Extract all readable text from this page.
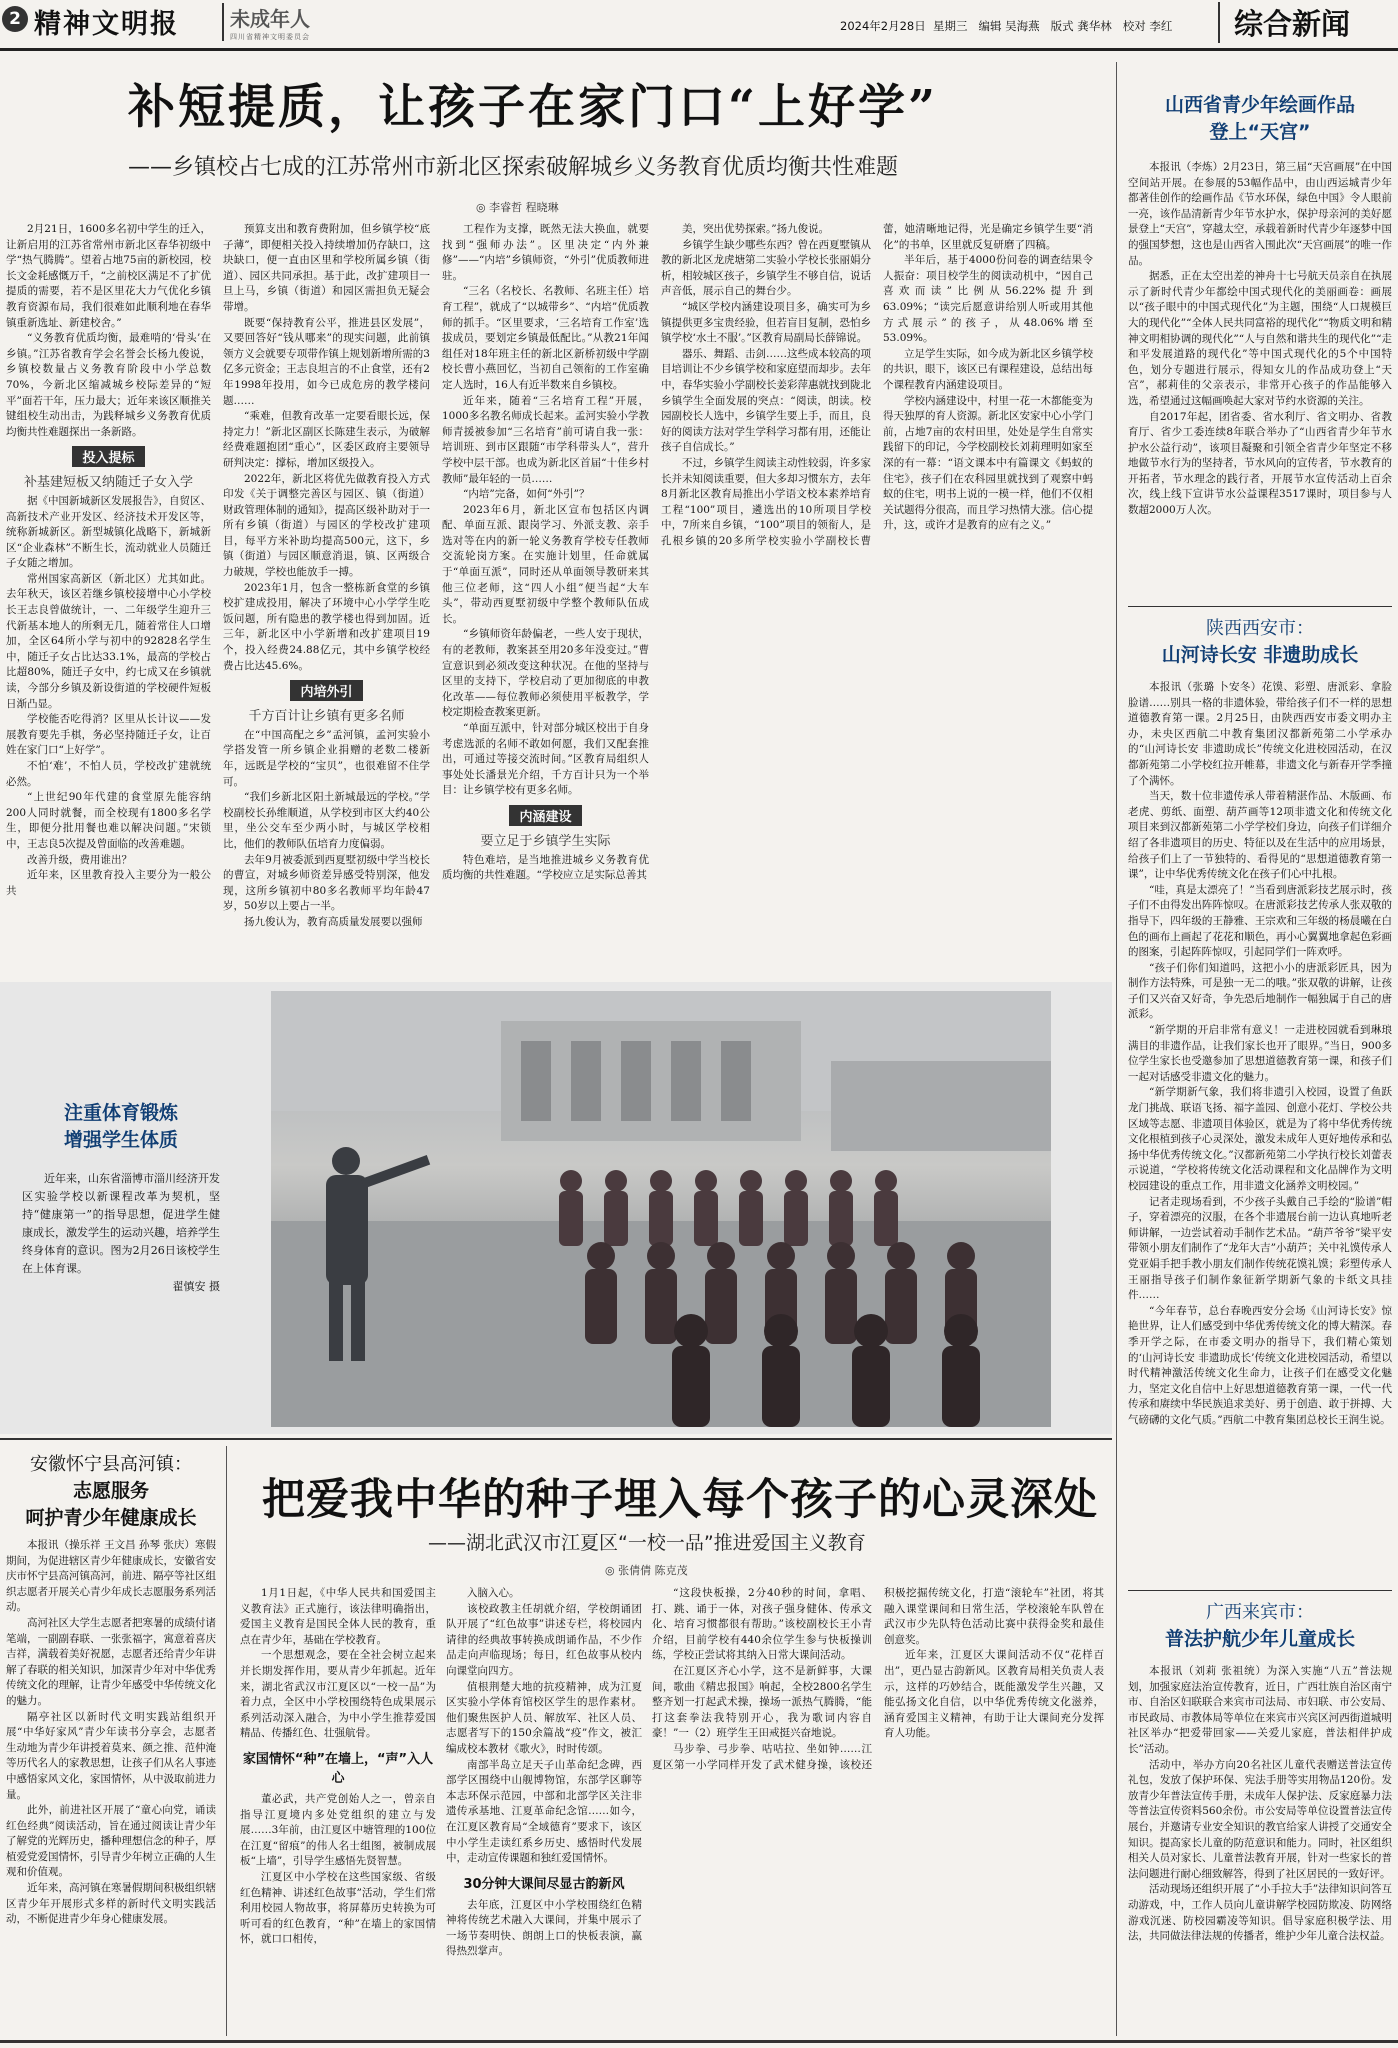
2 精神文明报	未成年人
四川省精神文明委员会
2024年2月28日 星期三 编辑 吴海燕 版式 龚华林 校对 李红	综合新闻
补短提质，让孩子在家门口“上好学”
——乡镇校占七成的江苏常州市新北区探索破解城乡义务教育优质均衡共性难题
◎ 李睿哲 程晓琳

2月21日，1600多名初中学生的迁入，让新启用的江苏省常州市新北区春华初级中学“热气腾腾”。望着占地75亩的新校园，校长文金耗感慨万千，“之前校区满足不了扩优提质的需要，若不是区里花大力气优化乡镇教育资源布局，我们很难如此顺利地在春华镇重新选址、新建校舍。”

“义务教育优质均衡，最难啃的‘骨头’在乡镇。”江苏省教育学会名誉会长杨九俊说，乡镇校数量占义务教育阶段中小学总数70%，今新北区缩减城乡校际差异的“短平”面若干年，压力最大；近年来该区顺推关键组校生动出击，为践释城乡义务教育优质均衡共性难题探出一条新路。

投入提标
补基建短板又纳随迁子女入学

据《中国新城新区发展报告》，自贸区、高新技术产业开发区、经济技术开发区等，统称新城新区。新型城镇化战略下，新城新区“企业森林”不断生长，流动就业人员随迁子女随之增加。

常州国家高新区（新北区）尤其如此。去年秋天，该区若继乡镇校接增中心小学校长王志良曾做统计，一、二年级学生迎升三代新基本地人的所剩无几，随着常住人口增加，全区64所小学与初中的92828名学生中，随迁子女占比达33.1%，最高的学校占比超80%，随迁子女中，约七成又在乡镇就读，今部分乡镇及新设街道的学校硬件短板日渐凸显。

学校能否吃得消？区里从长计议——发展教育要先手棋，务必坚持随迁子女，让百姓在家门口“上好学”。

不怕‘难’，不怕人员，学校改扩建就统必然。

“上世纪90年代建的食堂原先能容纳200人同时就餐，而全校现有1800多名学生，即便分批用餐也难以解决问题。”宋锁中，王志良5次提及曾面临的改善难题。

改善升级，费用谁出？

近年来，区里教育投入主要分为一般公共

预算支出和教育费附加，但乡镇学校“底子薄”，即便相关投入持续增加仍存缺口，这块缺口，便一直由区里和学校所属乡镇（街道）、园区共同承担。基于此，改扩建项目一旦上马，乡镇（街道）和园区需担负无疑会带增。

既要“保持教育公平，推进县区发展”，又要回答好“钱从哪来”的现实问题，此前镇领方义会就要专项带作镇上规划新增所需的3亿多元资金；王志良坦言的不止食堂，还有2年1998年投用，如今已成危房的教学楼问题……

“乘难，但教育改革一定要看眼长远，保持定力！”新北区副区长陈建生表示，为破解经费难题抱团“重心”，区委区政府主要领导研判决定：撑标，增加区级投入。

2022年，新北区将优先做教育投入方式印发《关于调整完善区与园区、镇（街道）财政管理体制的通知》，提高区级补助对于一所有乡镇（街道）与园区的学校改扩建项目，每平方米补助均提高500元，这下，乡镇（街道）与园区顺意消退，镇、区两级合力破规，学校也能放手一搏。

2023年1月，包含一整栋新食堂的乡镇校扩建成投用，解决了环境中心小学学生吃饭问题，所有隐患的教学楼也得到加固。近三年，新北区中小学新增和改扩建项目19个，投入经费24.88亿元，其中乡镇学校经费占比达45.6%。

内培外引
千方百计让乡镇有更多名师

在“中国高配之乡”孟河镇，孟河实验小学搭发管一所乡镇企业捐赠的老数二楼新年，远既是学校的“宝贝”，也很难留不住学可。

“我们乡新北区阳土新城最远的学校。”学校副校长孙维顺道，从学校到市区大约40公里，坐公交车至少两小时，与城区学校相比，他们的教师队伍培育力度偏弱。

去年9月被委派到西夏墅初级中学当校长的曹宣，对城乡师资差异感受特别深，他发现，这所乡镇初中80多名教师平均年龄47岁，50岁以上要占一半。

扬九俊认为，教育高质量发展要以强师

工程作为支撑，既然无法大换血，就要找到“强师办法”。区里决定“内外兼修”——“内培”乡镇师资，“外引”优质教师进驻。

“三名（名校长、名教师、名班主任）培育工程”，就成了“以城带乡”、“内培”优质教师的抓手。“区里要求，‘三名培育工作室’选拔成员，要划定乡镇最低配比。”从教21年闻组任对18年班主任的新北区新桥初级中学副校长曹小燕回忆，当初自己领衔的工作室确定人选时，16人有近半数来自乡镇校。

近年来，随着“三名培育工程”开展，1000多名教名师成长起来。孟河实验小学教师青援被参加“三名培育”前可请自我一张：培训班、到市区跟随“市学科带头人”，营升学校中层干部。也成为新北区首届“十佳乡村教师”最年轻的一员……

“内培”完备，如何“外引”？

2023年6月，新北区宣布包括区内调配、单面互派、跟岗学习、外派支教、亲手选对等在内的新一轮义务教育学校专任教师交流轮岗方案。在实施计划里，任命就属于“单面互派”，同时还从单面领导教研来其他三位老师，这“四人小组”便当起“大车头”，带动西夏墅初级中学整个教师队伍成长。

“乡镇师资年龄偏老，一些人安于现状，有的老教师，教案甚至用20多年没变过。”曹宣意识到必须改变这种状况。在他的坚持与区里的支持下，学校启动了更加彻底的申教化改革——每位教师必须使用平板教学，学校定期检查教案更新。

“单面互派中，针对部分城区校出于自身考虑选派的名师不敢如何愿，我们又配套推出，可通过等接交流时间。”区教育局组织人事处处长潘景光介绍，千方百计只为一个举目：让乡镇学校有更多名师。

内涵建设
要立足于乡镇学生实际

特色难培，是当地推进城乡义务教育优质均衡的共性难题。“学校应立足实际总善其

美，突出优势探索。”扬九俊说。

乡镇学生缺少哪些东西？曾在西夏墅镇从教的新北区龙虎塘第二实验小学校长张丽娟分析，相较城区孩子，乡镇学生不够自信，说话声音低，展示自己的舞台少。

“城区学校内涵建设项目多，确实可为乡镇提供更多宝贵经验，但若盲目复制，恐怕乡镇学校‘水土不服’。”区教育局副局长薛锦说。

器乐、舞蹈、击剑……这些成本较高的项目培训让不少乡镇学校和家庭望而却步。去年中，春华实验小学副校长姜彩萍惠就找到陇北乡镇学生全面发展的突点：“阅读，朗读。校园副校长人选中，乡镇学生要上手，而且，良好的阅读方法对学生学科学习都有用，还能让孩子自信成长。”

不过，乡镇学生阅读主动性较弱，许多家长并未知阅读重要，但大多却习惯东方，去年8月新北区教育局推出小学语文校本素养培育工程“100”项目，遴选出的10所项目学校中，7所来自乡镇，“100”项目的领衔人，是孔根乡镇的20多所学校实验小学副校长曹蕾，她清晰地记得，光是确定乡镇学生要“消化”的书单，区里就反复研磨了四稿。

半年后，基于4000份问卷的调查结果令人振奋：项目校学生的阅读动机中，“因自己喜欢而读”比例从56.22%提升到63.09%；“读完后愿意讲给别人听或用其他方式展示”的孩子，从48.06%增至53.09%。

立足学生实际，如今成为新北区乡镇学校的共识，眼下，该区已有课程建设，总结出每个课程教育内涵建设项目。

学校内涵建设中，村里一花一木都能变为得天独厚的育人资源。新北区安家中心小学门前，占地7亩的农村田里，处处是学生自常实践留下的印记，今学校副校长刘莉理明如家至深的有一幕：“语文课本中有篇课文《蚂蚁的住宅》，孩子们在农科园里就找到了观察中蚂蚁的住宅，明书上说的一模一样，他们不仅相关试题得分很高，而且学习热情大涨。信心提升，这，或许才是教育的应有之义。”

山西省青少年绘画作品
登上“天宫”

本报讯（李炼）2月23日，第三届“天宫画展”在中国空间站开展。在参展的53幅作品中，由山西运城青少年都著佳创作的绘画作品《节水环保，绿色中国》令人眼前一亮，该作品清新青少年节水护水，保护母亲河的美好愿景登上“天宫”，穿越太空，承载着新时代青少年逐梦中国的强国梦想，这也是山西省入围此次“天宫画展”的唯一作品。

据悉，正在太空出差的神舟十七号航天员亲自在执展示了新时代青少年都绘中国式现代化的美丽画卷：画展以“孩子眼中的中国式现代化”为主题，围绕“人口规模巨大的现代化”“全体人民共同富裕的现代化”“物质文明和精神文明相协调的现代化”“人与自然和谐共生的现代化”“走和平发展道路的现代化”等中国式现代化的5个中国特色，划分专题进行展示，得知女儿的作品成功登上“天宫”，郝莉佳的父亲表示，非常开心孩子的作品能够入选，希望通过这幅画唤起大家对节约水资源的关注。

自2017年起，团省委、省水利厅、省文明办、省教育厅、省少工委连续8年联合举办了“山西省青少年节水护水公益行动”，该项目凝聚和引领全省青少年坚定不移地做节水行为的坚持者，节水风向的宣传者，节水教育的开拓者，节水理念的践行者，开展节水宣传活动上百余次，线上线下宣讲节水公益课程3517课时，项目参与人数超2000万人次。

陕西西安市：
山河诗长安 非遗助成长

本报讯（张璐 卜安冬）花馍、彩塑、唐派彩、拿脸脸谱……别具一格的非遗体验，带给孩子们不一样的思想道德教育第一课。2月25日，由陕西西安市委文明办主办，未央区西航二中教育集团汉都新苑第二小学承办的“山河诗长安 非遗助成长”传统文化进校园活动，在汉都新苑第二小学校红拉开帷幕，非遗文化与新春开学季撞了个满怀。

当天，数十位非遗传承人带着精湛作品、木版画、布老虎、剪纸、面塑、葫芦画等12项非遗文化和传统文化项目来到汉都新苑第二小学学校们身边，向孩子们详细介绍了各非遗项目的历史、特征以及在生活中的应用场景，给孩子们上了一节独特的、看得见的“思想道德教育第一课”，让中华优秀传统文化在孩子们心中扎根。

“哇，真是太漂亮了！”当看到唐派彩技艺展示时，孩子们不由得发出阵阵惊叹。在唐派彩技艺传承人张双敬的指导下，四年级的王静雅、王宗欢和三年级的杨晨曦在白色的画布上画起了花花和顺色，再小心翼翼地拿起色彩画的图案，引起阵阵惊叹，引起同学们一阵欢呼。

“孩子们你们知道吗，这把小小的唐派彩匠具，因为制作方法特殊，可是独一无二的哦。”张双敬的讲解，让孩子们又兴奋又好奇，争先恐后地制作一幅独属于自己的唐派彩。

“新学期的开启非常有意义！一走进校园就看到琳琅满目的非遗作品，让我们家长也开了眼界。”当日，900多位学生家长也受邀参加了思想道德教育第一课，和孩子们一起对话感受非遗文化的魅力。

“新学期新气象，我们将非遗引入校园，设置了鱼跃龙门挑战、联语飞扬、福字盖园、创意小花灯、学校公共区域等志愿、非遗项目体验区，就是为了将中华优秀传统文化根植到孩子心灵深处，激发未成年人更好地传承和弘扬中华优秀传统文化。”汉都新苑第二小学执行校长刘蕾表示说道，“学校将传统文化活动课程和文化品牌作为文明校园建设的重点工作，用非遗文化涵养文明校园。”

记者走现场看到，不少孩子头戴自己手绘的“脸谱”帽子，穿着漂亮的汉服，在各个非遗展台前一边认真地听老师讲解，一边尝试着动手制作艺术品。“葫芦爷爷”梁平安带领小朋友们制作了“龙年大吉”小葫芦；关中礼馍传承人党亚娟手把手教小朋友们制作传统花馍礼馍；彩塑传承人王丽指导孩子们制作象征新学期新气象的卡纸文具挂件……

“今年春节，总台春晚西安分会场《山河诗长安》惊艳世界，让人们感受到中华优秀传统文化的博大精深。春季开学之际，在市委文明办的指导下，我们精心策划的‘山河诗长安 非遗助成长’传统文化进校园活动，希望以时代精神激活传统文化生命力，让孩子们在感受文化魅力，坚定文化自信中上好思想道德教育第一课，一代一代传承和赓续中华民族追求美好、勇于创造、敢于拼搏、大气磅礴的文化气质。”西航二中教育集团总校长王润生说。

广西来宾市：
普法护航少年儿童成长

本报讯（刘莉 张祖统）为深入实施“八五”普法规划，加强家庭法治宣传教育，近日，广西壮族自治区南宁市、自治区妇联联合来宾市司法局、市妇联、市公安局、市民政局、市教体局等单位在来宾市兴宾区河西街道城明社区举办“把爱带回家——关爱儿家庭，普法相伴护成长”活动。

活动中，举办方向20名社区儿童代表赠送普法宣传礼包，发放了保护环保、宪法手册等实用物品120份。发放青少年普法宣传手册，未成年人保护法、反家庭暴力法等普法宣传资料560余份。市公安局等单位设置普法宣传展台，并邀请专业安全知识的教官给家人讲授了交通安全知识。提高家长儿童的防范意识和能力。同时，社区组织相关人员对家长、儿童普法教育开展，针对一些家长的普法问题进行耐心细致解答，得到了社区居民的一致好评。

活动现场还组织开展了“小手拉大手”法律知识问答互动游戏，中，工作人员向儿童讲解学校园防欺凌、防网络游戏沉迷、防校园霸凌等知识。倡导家庭积极学法、用法，共同做法律法规的传播者，维护少年儿童合法权益。

注重体育锻炼
增强学生体质

近年来，山东省淄博市淄川经济开发区实验学校以新课程改革为契机，坚持“健康第一”的指导思想，促进学生健康成长，激发学生的运动兴趣，培养学生终身体育的意识。图为2月26日该校学生在上体育课。

翟慎安 摄
安徽怀宁县高河镇：
志愿服务
呵护青少年健康成长

本报讯（操乐祥 王文昌 孙琴 张庆）寒假期间，为促进辖区青少年健康成长，安徽省安庆市怀宁县高河镇高河，前进、隔亭等社区组织志愿者开展关心青少年成长志愿服务系列活动。

高河社区大学生志愿者把寒暑的成绩付诸笔端，一副副春联、一张张福字，寓意着喜庆吉祥，满载着美好祝愿，志愿者还给青少年讲解了春联的相关知识，加深青少年对中华优秀传统文化的理解，让青少年感受中华传统文化的魅力。

隔亭社区以新时代文明实践站组织开展“中华好家风”青少年读书分享会，志愿者生动地为青少年讲授着莫来、颜之推、范仲淹等历代名人的家教思想，让孩子们从名人事迹中感悟家风文化，家国情怀，从中汲取前进力量。

此外，前进社区开展了“童心向党，诵读红色经典”阅读活动，旨在通过阅读让青少年了解党的光辉历史，播种理想信念的种子，厚植爱党爱国情怀，引导青少年树立正确的人生观和价值观。

近年来，高河镇在寒暑假期间积极组织辖区青少年开展形式多样的新时代文明实践活动，不断促进青少年身心健康发展。

把爱我中华的种子埋入每个孩子的心灵深处
——湖北武汉市江夏区“一校一品”推进爱国主义教育
◎ 张倩倩 陈克茂

1月1日起，《中华人民共和国爱国主义教育法》正式施行，该法律明确指出，爱国主义教育是国民全体人民的教育，重点在青少年，基础在学校教育。

一个思想观念，要在全社会树立起来并长期发挥作用，要从青少年抓起。近年来，湖北省武汉市江夏区以“一校一品”为着力点，全区中小学校围绕特色成果展示系列活动深入融合，为中小学生推荐爱国精品、传播红色、壮强航骨。

家国情怀“种”在墙上，“声”入人心

董必武，共产党创始人之一，曾亲自指导江夏境内多处党组织的建立与发展……3年前，由江夏区中塘管理的100位在江夏“留痕”的伟人名士组图，被制成展板“上墙”，引导学生感悟先贤智慧。

江夏区中小学校在这些国家级、省级红色精神、讲述红色故事”活动，学生们常利用校园人物故事，将屏幕历史转换为可听可看的红色教育，“种”在墙上的家国情怀，就口口相传，

入脑入心。

该校政教主任胡就介绍，学校朗诵团队开展了“红色故事”讲述专栏，将校园内请律的经典故事转换成朗诵作品，不少作品走向声临现场；每日，红色故事从校内向课堂向四方。

值根荆楚大地的抗疫精神，成为江夏区实验小学体育馆校区学生的思作素材。他们聚焦医护人员、解放军、社区人员、志愿者写下的150余篇战“疫”作文，被汇编成校本教材《歌火》，时时传颂。

南部半岛立足天子山革命纪念碑，西部学区围绕中山舰博物馆，东部学区聊等本志环保示范园，中部和北部学区关注非遗传承基地、江夏革命纪念馆……如今，在江夏区教育局“全域德育”要求下，该区中小学生走读红系乡历史、感悟时代发展中，走动宣传课题和独红爱国情怀。

30分钟大课间尽显古韵新风

去年底，江夏区中小学校围绕红色精神将传统艺术融入大课间，并集中展示了一场节奏明快、朗朗上口的快板表演，赢得热烈掌声。

“这段快板操，2分40秒的时间，拿唱、打、跳、诵于一体，对孩子强身健体、传承文化、培育习惯都很有帮助。”该校副校长王小青介绍，目前学校有440余位学生参与快板操训练，学校正尝试将其纳入日常大课间活动。

在江夏区齐心小学，这不是新鲜事，大课间，歌曲《精忠报国》响起，全校2800名学生整齐划一打起武术操，操场一派热气腾腾，“能打这套拳法我特别开心，我为歌词内容自豪！”一（2）班学生王田戒挺兴奋地说。

马步拳、弓步拳、咕咕拉、坐如钟……江夏区第一小学同样开发了武术健身操，该校还积极挖掘传统文化，打造“滚轮车”社团，将其融入课堂课间和日常生活，学校滚轮车队曾在武汉市少先队特色活动比赛中获得金奖和最佳创意奖。

近年来，江夏区大课间活动不仅“花样百出”，更凸显古韵新风。区教育局相关负责人表示，这样的巧妙结合，既能激发学生兴趣，又能弘扬文化自信，以中华优秀传统文化滋养，涵育爱国主义精神，有助于让大课间充分发挥育人功能。
